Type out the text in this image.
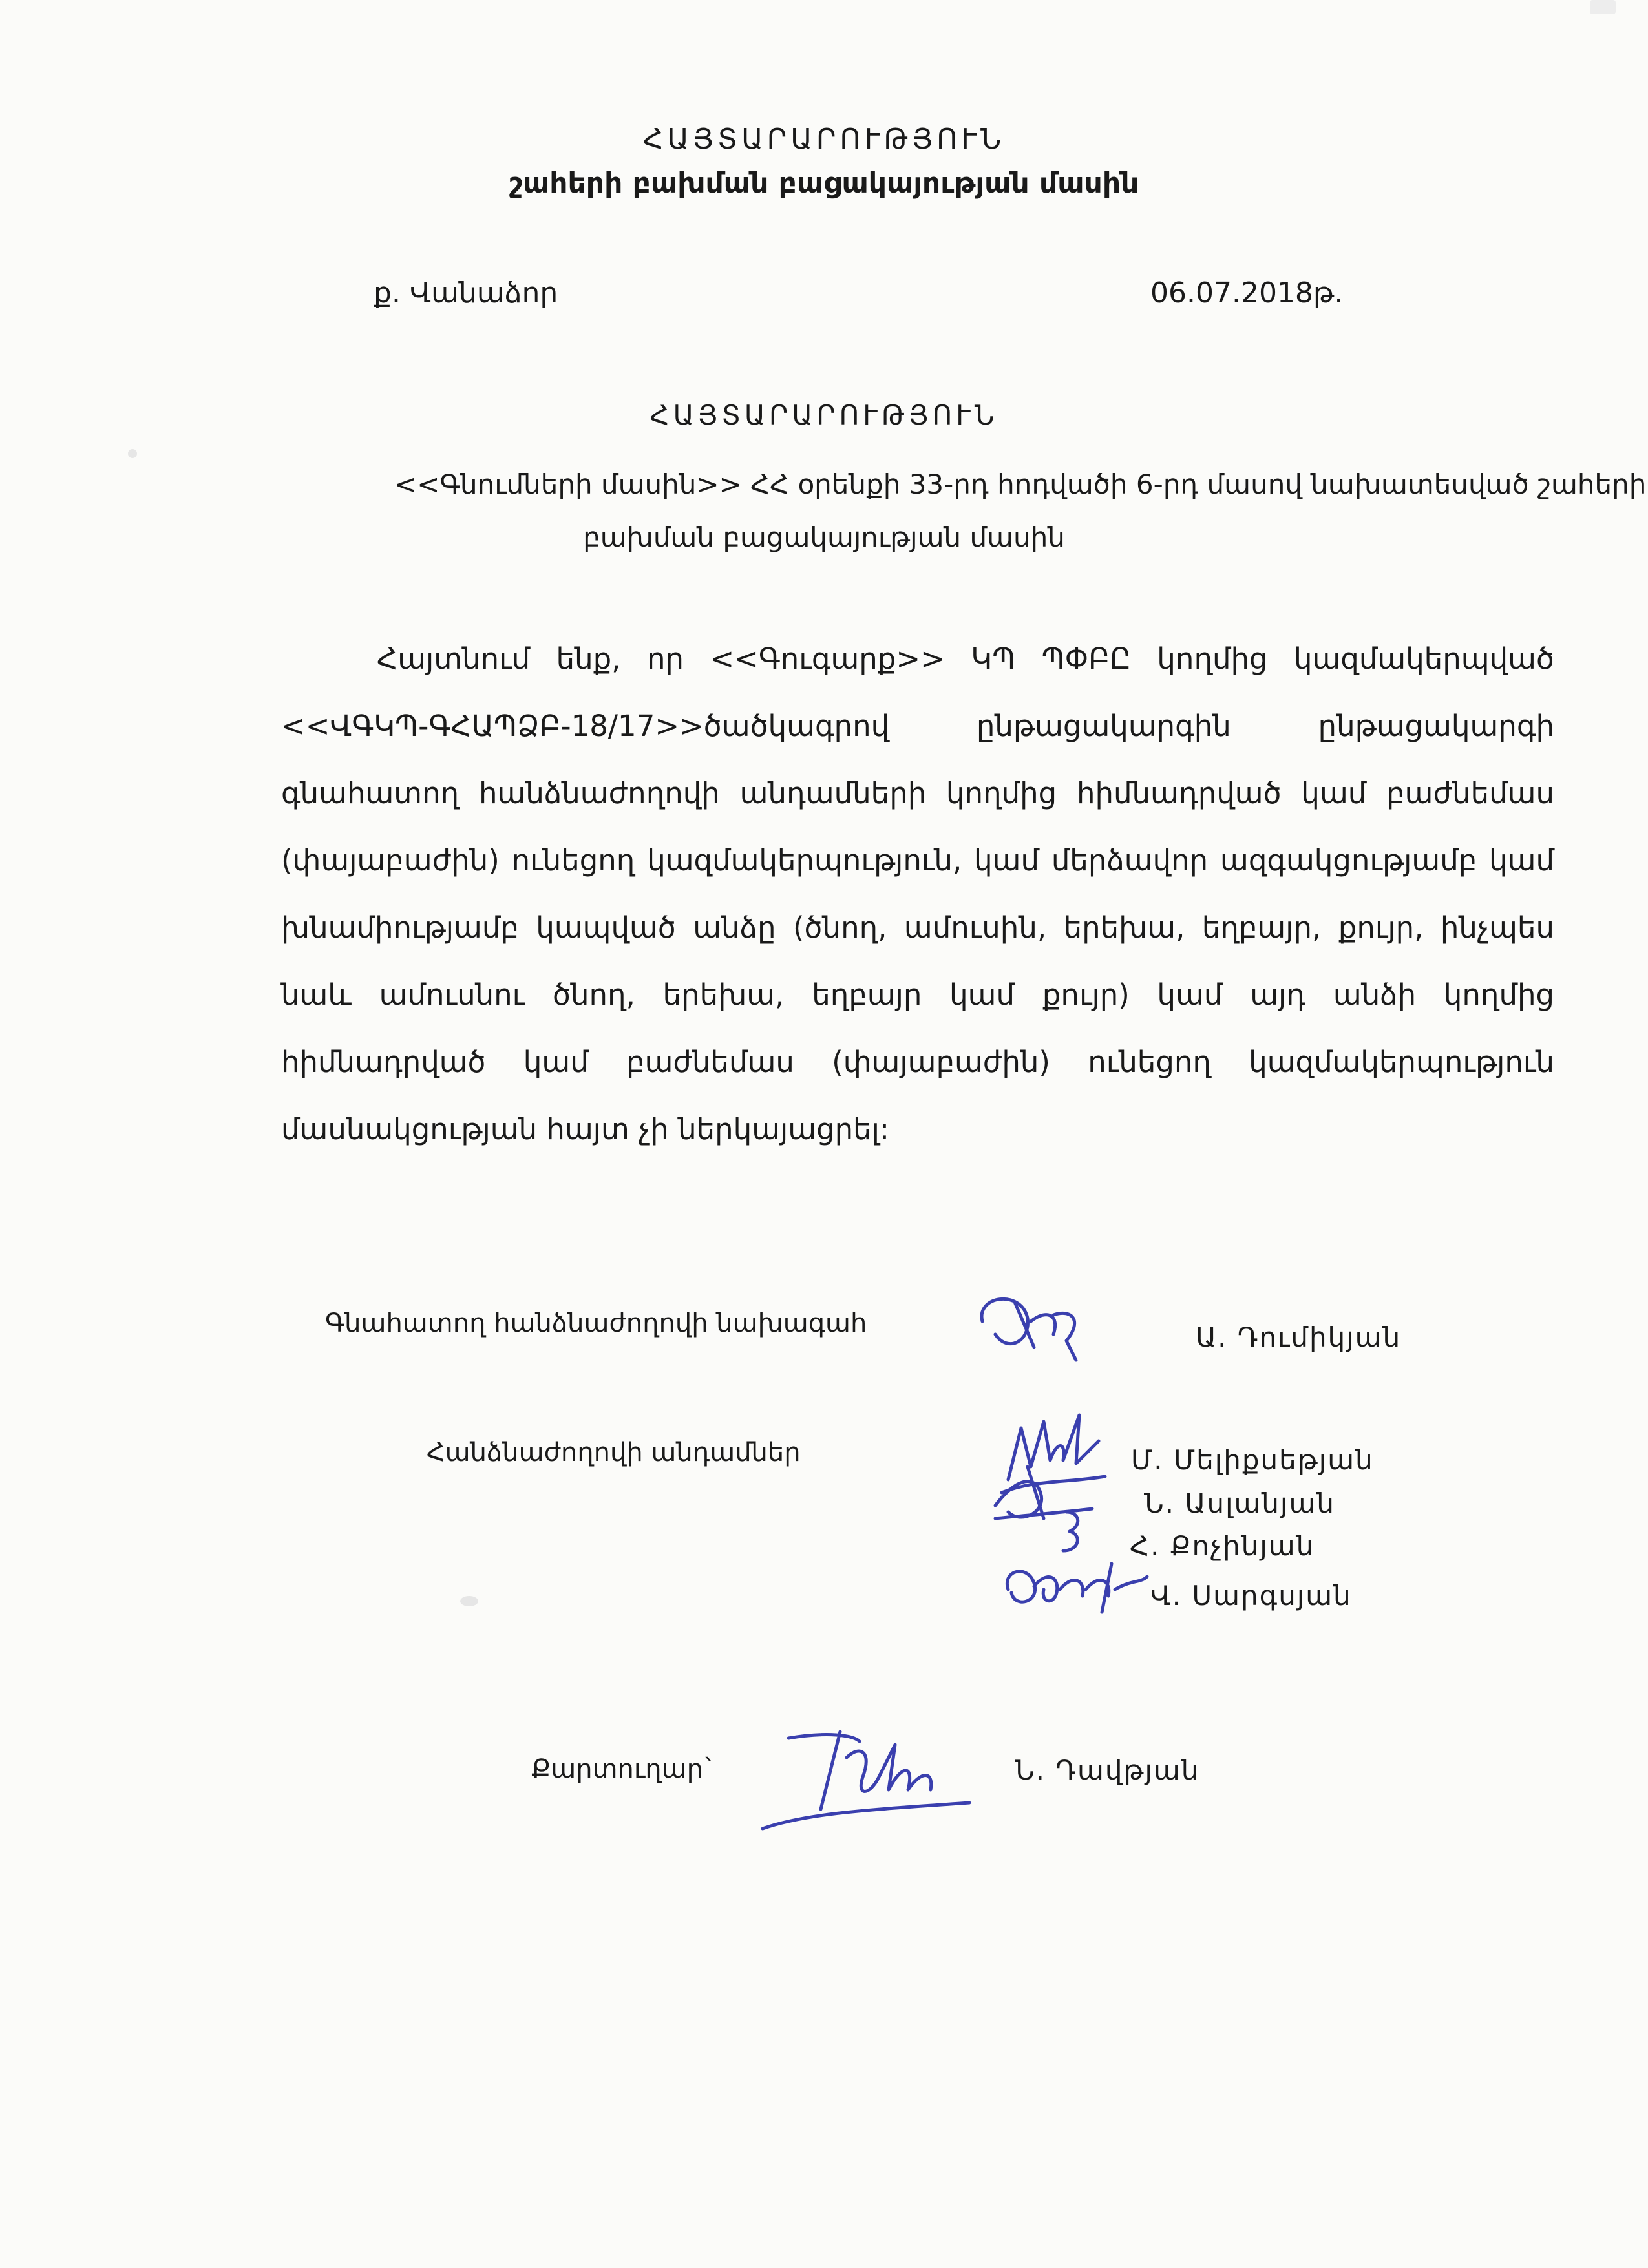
ՀԱՅՏԱՐԱՐՈՒԹՅՈՒՆ
շահերի բախման բացակայության մասին
ք. Վանաձոր	06.07.2018թ.
ՀԱՅՏԱՐԱՐՈՒԹՅՈՒՆ
<<Գնումների մասին>> ՀՀ օրենքի 33-րդ հոդվածի 6-րդ մասով նախատեսված շահերի
բախման բացակայության մասին
Հայտնում ենք, որ <<Գուգարք>> ԿՊ ՊՓԲԸ կողմից կազմակերպված <<ՎԳԿՊ-ԳՀԱՊՁԲ-18/17>>ծածկագրով ընթացակարգին ընթացակարգի գնահատող հանձնաժողովի անդամների կողմից հիմնադրված կամ բաժնեմաս (փայաբաժին) ունեցող կազմակերպություն, կամ մերձավոր ազգակցությամբ կամ խնամիությամբ կապված անձը (ծնող, ամուսին, երեխա, եղբայր, քույր, ինչպես նաև ամուսնու ծնող, երեխա, եղբայր կամ քույր) կամ այդ անձի կողմից հիմնադրված կամ բաժնեմաս (փայաբաժին) ունեցող կազմակերպություն մասնակցության հայտ չի ներկայացրել:
Գնահատող հանձնաժողովի նախագահ	Ա. Դումիկյան
Հանձնաժողովի անդամներ	Մ. Մելիքսեթյան
Ն. Ասլանյան
Հ. Քոչինյան
Վ. Սարգսյան
Քարտուղար`	Ն. Դավթյան
